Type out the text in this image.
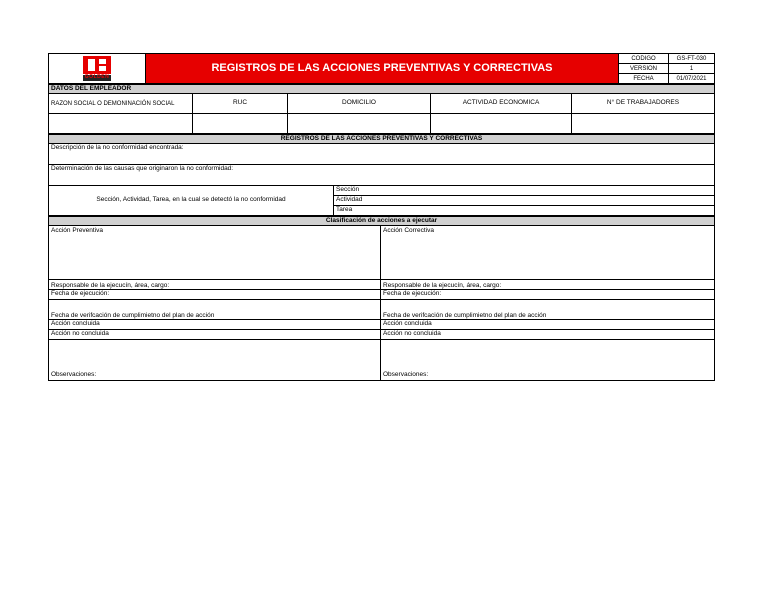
GOLDEN	REGISTROS DE LAS ACCIONES PREVENTIVAS Y CORRECTIVAS	CODIGO	GS-FT-030
		VERSION	1
		FECHA	01/07/2021
DATOS DEL EMPLEADOR				
RAZON SOCIAL O DEMONINACIÓN SOCIAL	RUC	DOMICILIO	ACTIVIDAD ECONOMICA	N° DE TRABAJADORES

REGISTROS DE LAS ACCIONES PREVENTIVAS Y CORRECTIVAS
Descripción de la no conformidad encontrada:
Determinación de las causas que originaron la no conformidad:
Sección, Actividad, Tarea, en la cual se detectó la no conformidad	Sección
Actividad
Tarea
Clasificación de acciones a ejecutar	
Acción Preventiva	Acción Correctiva

Responsable de la ejecucín, área, cargo:	Responsable de la ejecucín, área, cargo:
Fecha de ejecución:	Fecha de ejecución:
Fecha de verifcación de cumplimietno del plan de acción	Fecha de verifcación de cumplimietno del plan de acción
Acción concluida	Acción concluida
Acción no concluida	Acción no concluida
Observaciones:	Observaciones:
